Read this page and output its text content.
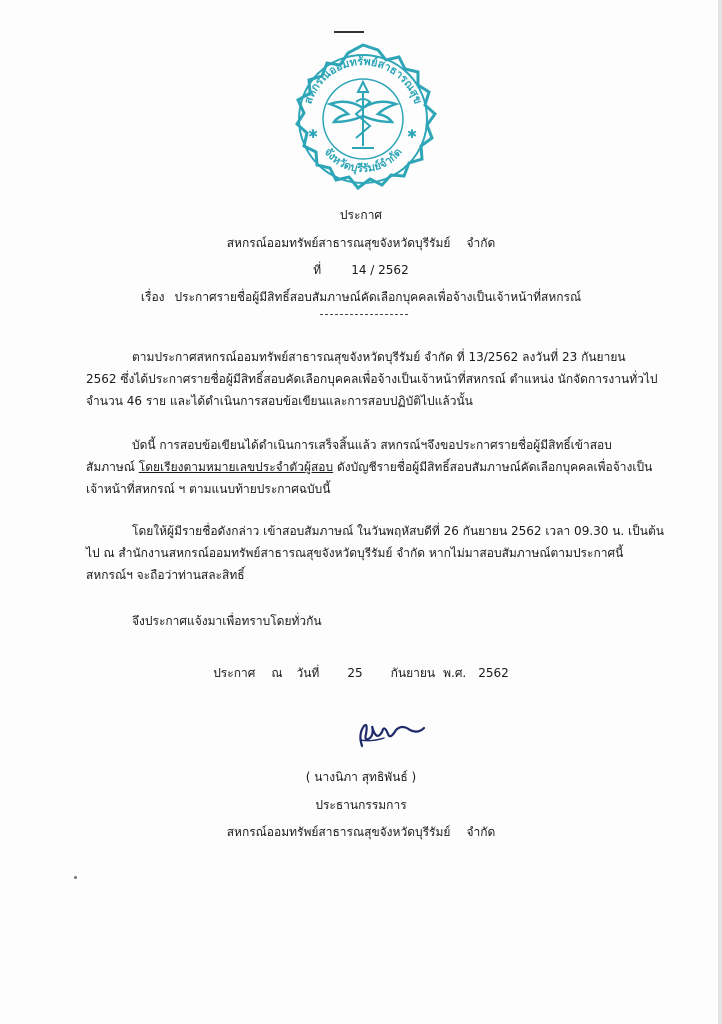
สหกรณ์ออมทรัพย์สาธารณสุข
จังหวัดบุรีรัมย์จำกัด
✱	✱
ประกาศ
สหกรณ์ออมทรัพย์สาธารณสุขจังหวัดบุรีรัมย์ จำกัด
ที่	14 / 2562
เรื่อง ประกาศรายชื่อผู้มีสิทธิ์สอบสัมภาษณ์คัดเลือกบุคคลเพื่อจ้างเป็นเจ้าหน้าที่สหกรณ์

ตามประกาศสหกรณ์ออมทรัพย์สาธารณสุขจังหวัดบุรีรัมย์ จำกัด ที่ 13/2562 ลงวันที่ 23 กันยายน

2562 ซึ่งได้ประกาศรายชื่อผู้มีสิทธิ์สอบคัดเลือกบุคคลเพื่อจ้างเป็นเจ้าหน้าที่สหกรณ์ ตำแหน่ง นักจัดการงานทั่วไป

จำนวน 46 ราย และได้ดำเนินการสอบข้อเขียนและการสอบปฏิบัติไปแล้วนั้น

บัดนี้ การสอบข้อเขียนได้ดำเนินการเสร็จสิ้นแล้ว สหกรณ์ฯจึงขอประกาศรายชื่อผู้มีสิทธิ์เข้าสอบ

สัมภาษณ์ โดยเรียงตามหมายเลขประจำตัวผู้สอบ ดังบัญชีรายชื่อผู้มีสิทธิ์สอบสัมภาษณ์คัดเลือกบุคคลเพื่อจ้างเป็น

เจ้าหน้าที่สหกรณ์ ฯ ตามแนบท้ายประกาศฉบับนี้

โดยให้ผู้มีรายชื่อดังกล่าว เข้าสอบสัมภาษณ์ ในวันพฤหัสบดีที่ 26 กันยายน 2562 เวลา 09.30 น. เป็นต้น

ไป ณ สำนักงานสหกรณ์ออมทรัพย์สาธารณสุขจังหวัดบุรีรัมย์ จำกัด หากไม่มาสอบสัมภาษณ์ตามประกาศนี้

สหกรณ์ฯ จะถือว่าท่านสละสิทธิ์

จึงประกาศแจ้งมาเพื่อทราบโดยทั่วกัน

ประกาศ ณ วันที่ 25 กันยายน พ.ศ. 2562
( นางนิภา สุทธิพันธ์ )
ประธานกรรมการ
สหกรณ์ออมทรัพย์สาธารณสุขจังหวัดบุรีรัมย์ จำกัด
